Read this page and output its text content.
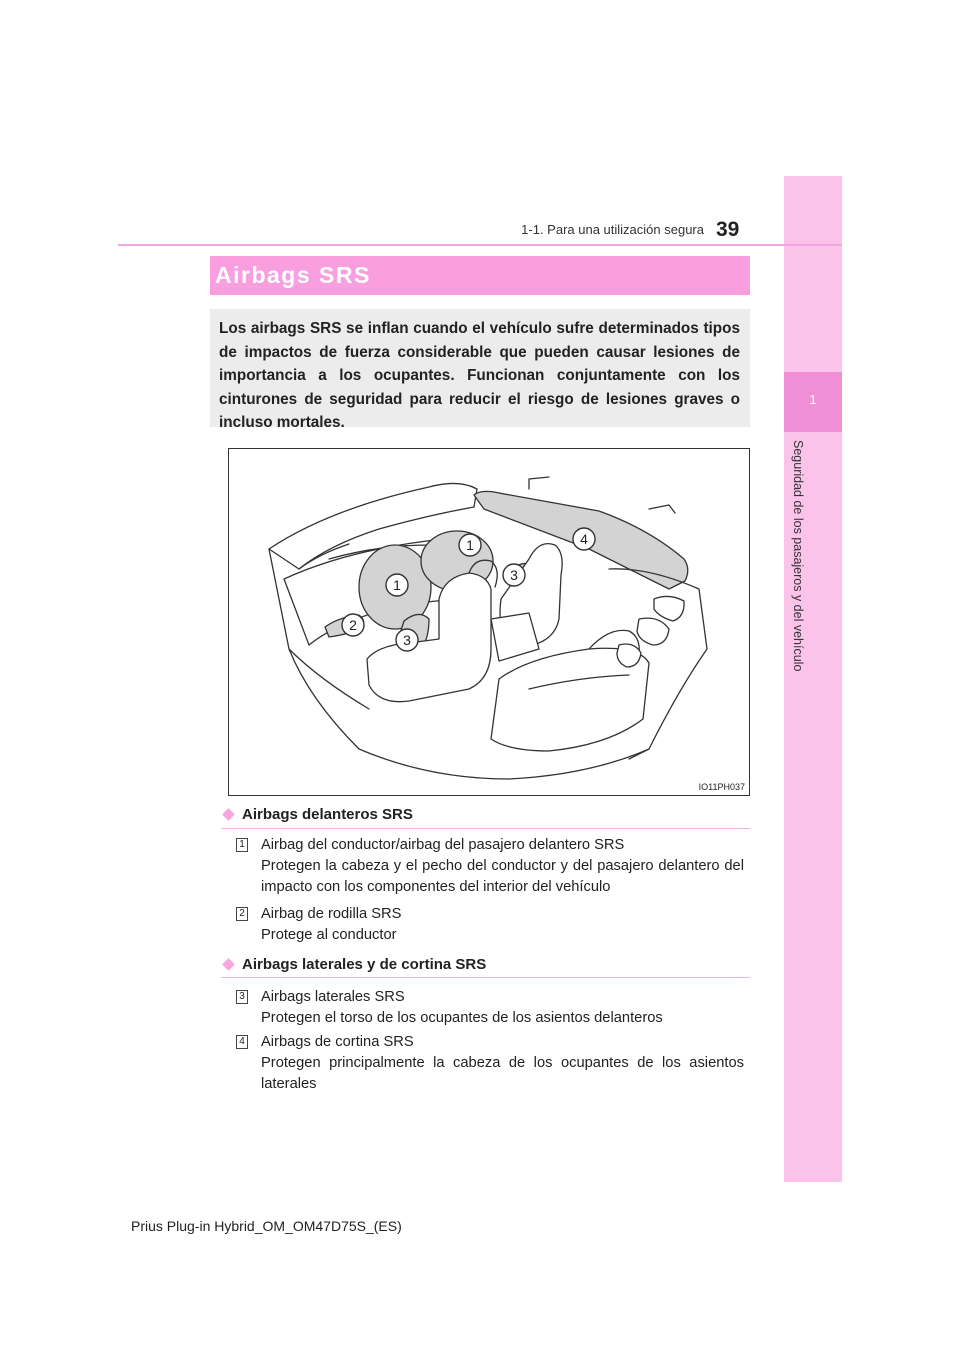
1
Seguridad de los pasajeros y del vehículo
1-1. Para una utilización segura 39
Airbags SRS

Los airbags SRS se inflan cuando el vehículo sufre determinados tipos de impactos de fuerza considerable que pueden causar lesiones de importancia a los ocupantes. Funcionan conjuntamente con los cinturones de seguridad para reducir el riesgo de lesiones graves o incluso mortales.

1
1
2
3
3
4
IO11PH037
Airbags delanteros SRS
1 Airbag del conductor/airbag del pasajero delantero SRS

Protegen la cabeza y el pecho del conductor y del pasajero delantero del impacto con los componentes del interior del vehículo

2 Airbag de rodilla SRS

Protege al conductor

Airbags laterales y de cortina SRS
3 Airbags laterales SRS

Protegen el torso de los ocupantes de los asientos delanteros

4 Airbags de cortina SRS

Protegen principalmente la cabeza de los ocupantes de los asientos laterales

Prius Plug-in Hybrid_OM_OM47D75S_(ES)
